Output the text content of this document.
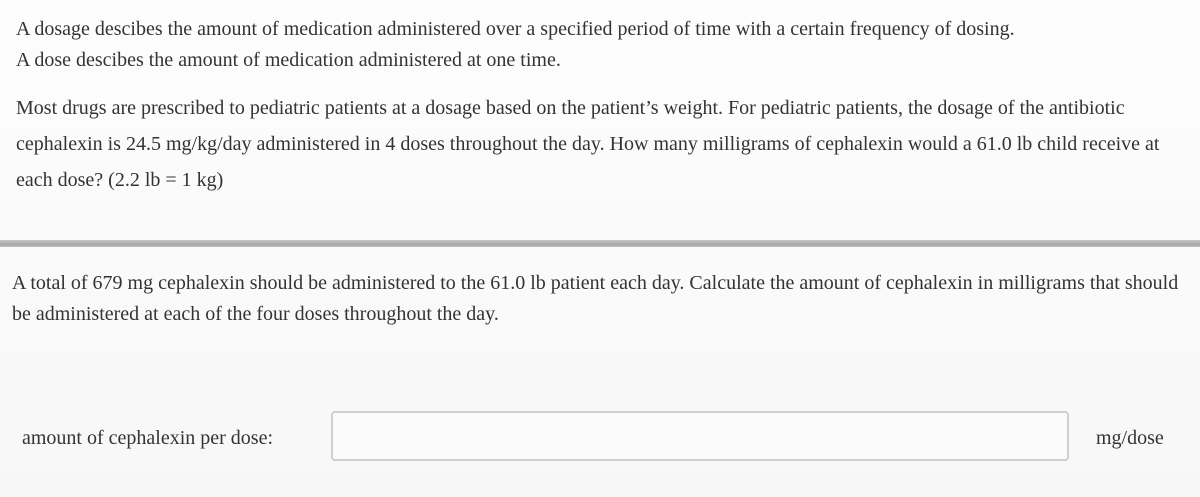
A dosage descibes the amount of medication administered over a specified period of time with a certain frequency of dosing.
A dose descibes the amount of medication administered at one time.
Most drugs are prescribed to pediatric patients at a dosage based on the patient’s weight. For pediatric patients, the dosage of the antibiotic cephalexin is 24.5 mg/kg/day administered in 4 doses throughout the day. How many milligrams of cephalexin would a 61.0 lb child receive at each dose? (2.2 lb = 1 kg)
A total of 679 mg cephalexin should be administered to the 61.0 lb patient each day. Calculate the amount of cephalexin in milligrams that should be administered at each of the four doses throughout the day.
amount of cephalexin per dose:	mg/dose
